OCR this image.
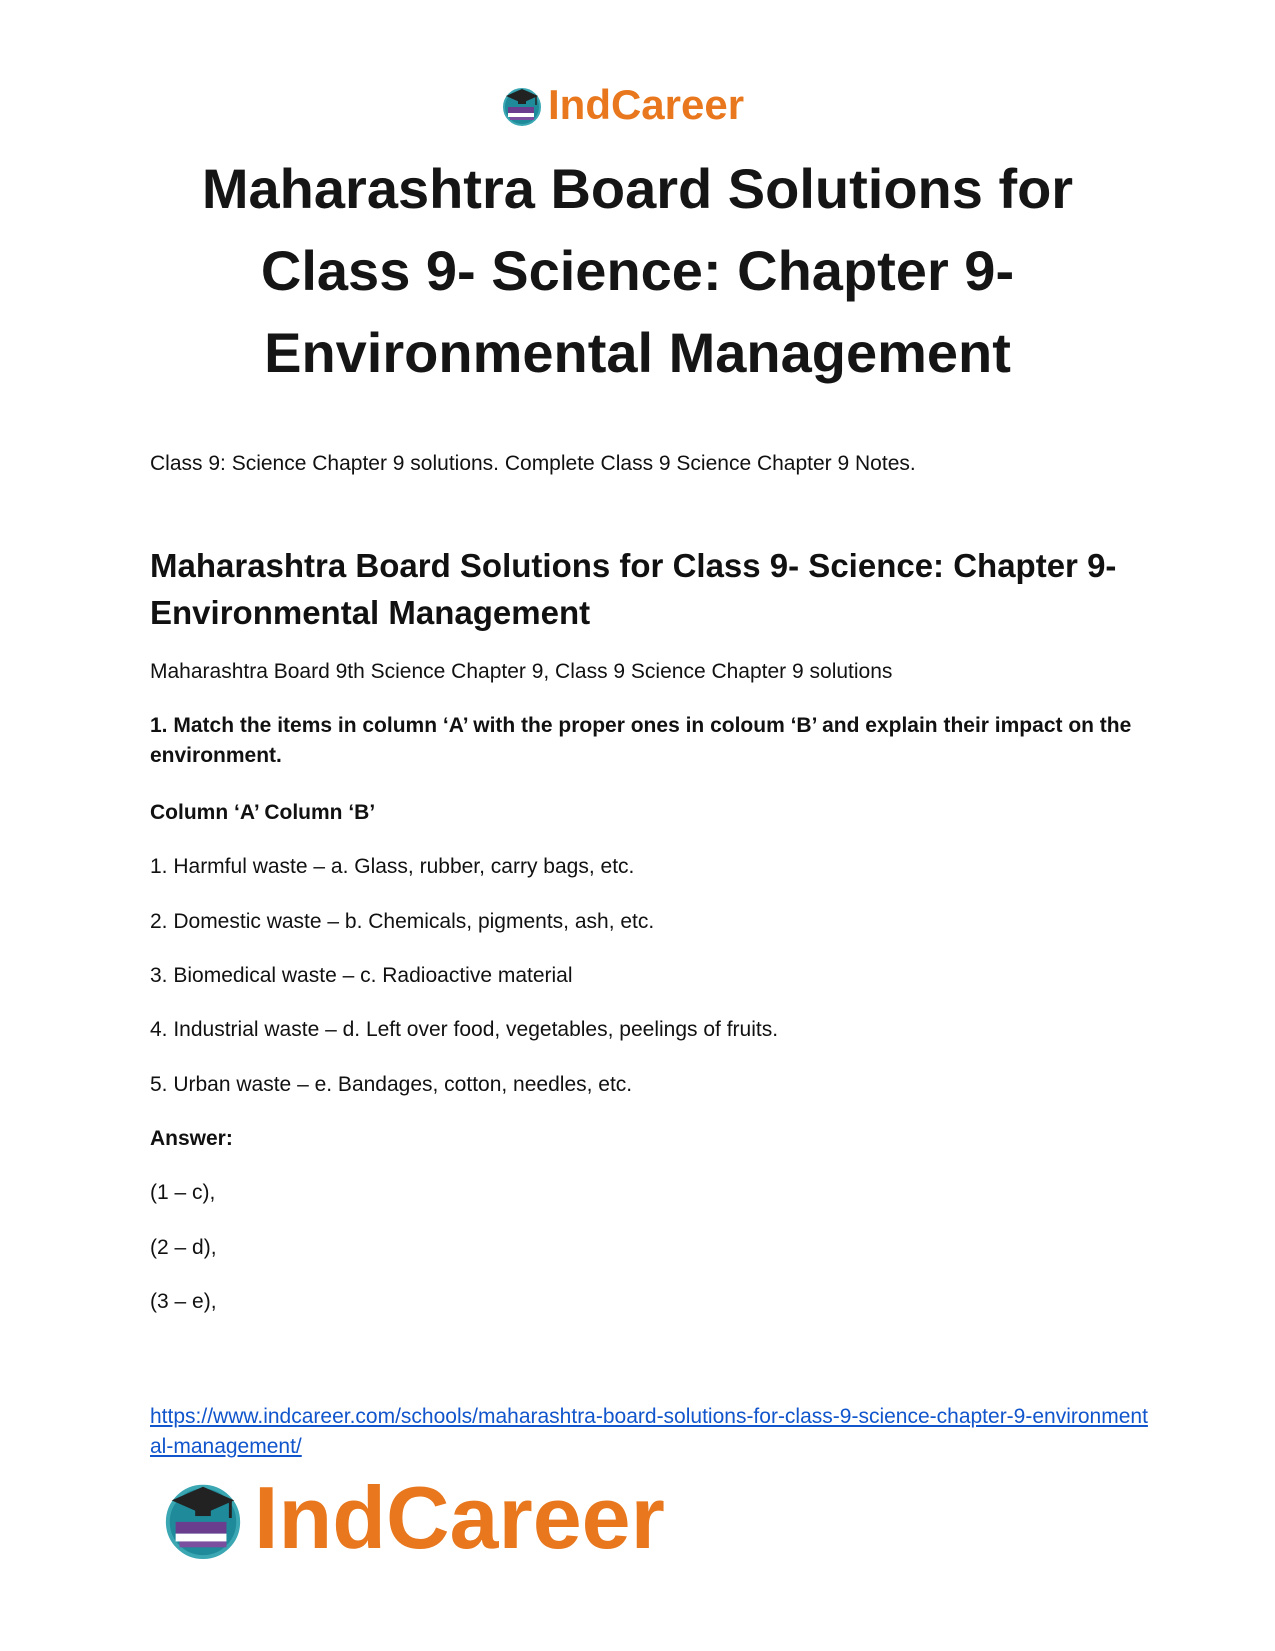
IndCareer
Maharashtra Board Solutions for Class 9- Science: Chapter 9- Environmental Management

Class 9: Science Chapter 9 solutions. Complete Class 9 Science Chapter 9 Notes.

Maharashtra Board Solutions for Class 9- Science: Chapter 9- Environmental Management

Maharashtra Board 9th Science Chapter 9, Class 9 Science Chapter 9 solutions

1. Match the items in column ‘A’ with the proper ones in coloum ‘B’ and explain their impact on the environment.

Column ‘A’ Column ‘B’

1. Harmful waste – a. Glass, rubber, carry bags, etc.

2. Domestic waste – b. Chemicals, pigments, ash, etc.

3. Biomedical waste – c. Radioactive material

4. Industrial waste – d. Left over food, vegetables, peelings of fruits.

5. Urban waste – e. Bandages, cotton, needles, etc.

Answer:

(1 – c),

(2 – d),

(3 – e),

https://www.indcareer.com/schools/maharashtra-board-solutions-for-class-9-science-chapter-9-environmental-management/
IndCareer
